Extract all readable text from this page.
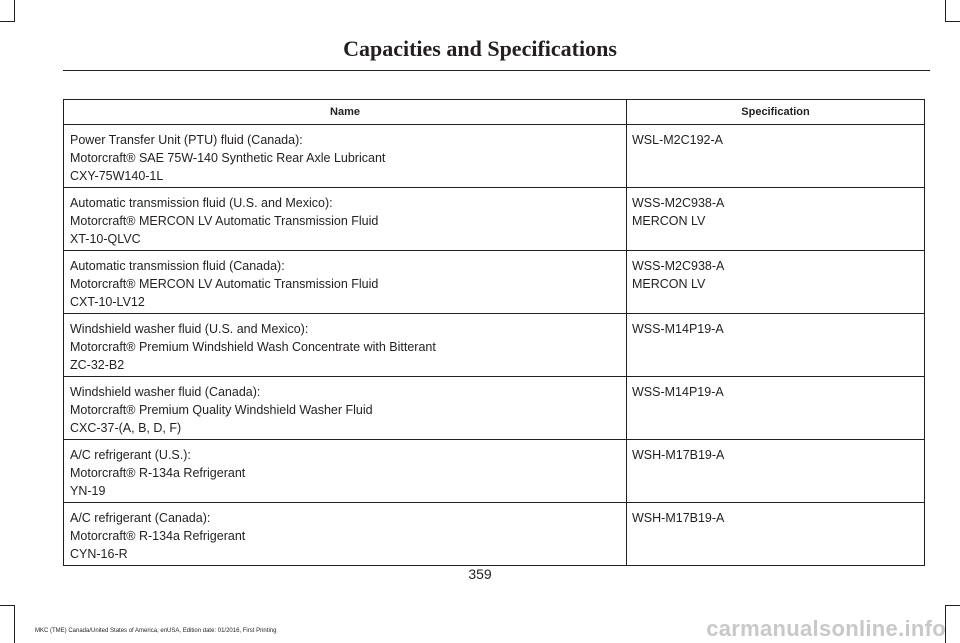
Capacities and Specifications
Name	Specification

Power Transfer Unit (PTU) fluid (Canada):
Motorcraft® SAE 75W-140 Synthetic Rear Axle Lubricant
CXY-75W140-1L	WSL-M2C192-A

Automatic transmission fluid (U.S. and Mexico):
Motorcraft® MERCON LV Automatic Transmission Fluid
XT-10-QLVC	WSS-M2C938-A
MERCON LV

Automatic transmission fluid (Canada):
Motorcraft® MERCON LV Automatic Transmission Fluid
CXT-10-LV12	WSS-M2C938-A
MERCON LV

Windshield washer fluid (U.S. and Mexico):
Motorcraft® Premium Windshield Wash Concentrate with Bitterant
ZC-32-B2	WSS-M14P19-A

Windshield washer fluid (Canada):
Motorcraft® Premium Quality Windshield Washer Fluid
CXC-37-(A, B, D, F)	WSS-M14P19-A

A/C refrigerant (U.S.):
Motorcraft® R-134a Refrigerant
YN-19	WSH-M17B19-A

A/C refrigerant (Canada):
Motorcraft® R-134a Refrigerant
CYN-16-R	WSH-M17B19-A
359
MKC (TME) Canada/United States of America, enUSA, Edition date: 01/2016, First Printing	carmanualsonline.info
